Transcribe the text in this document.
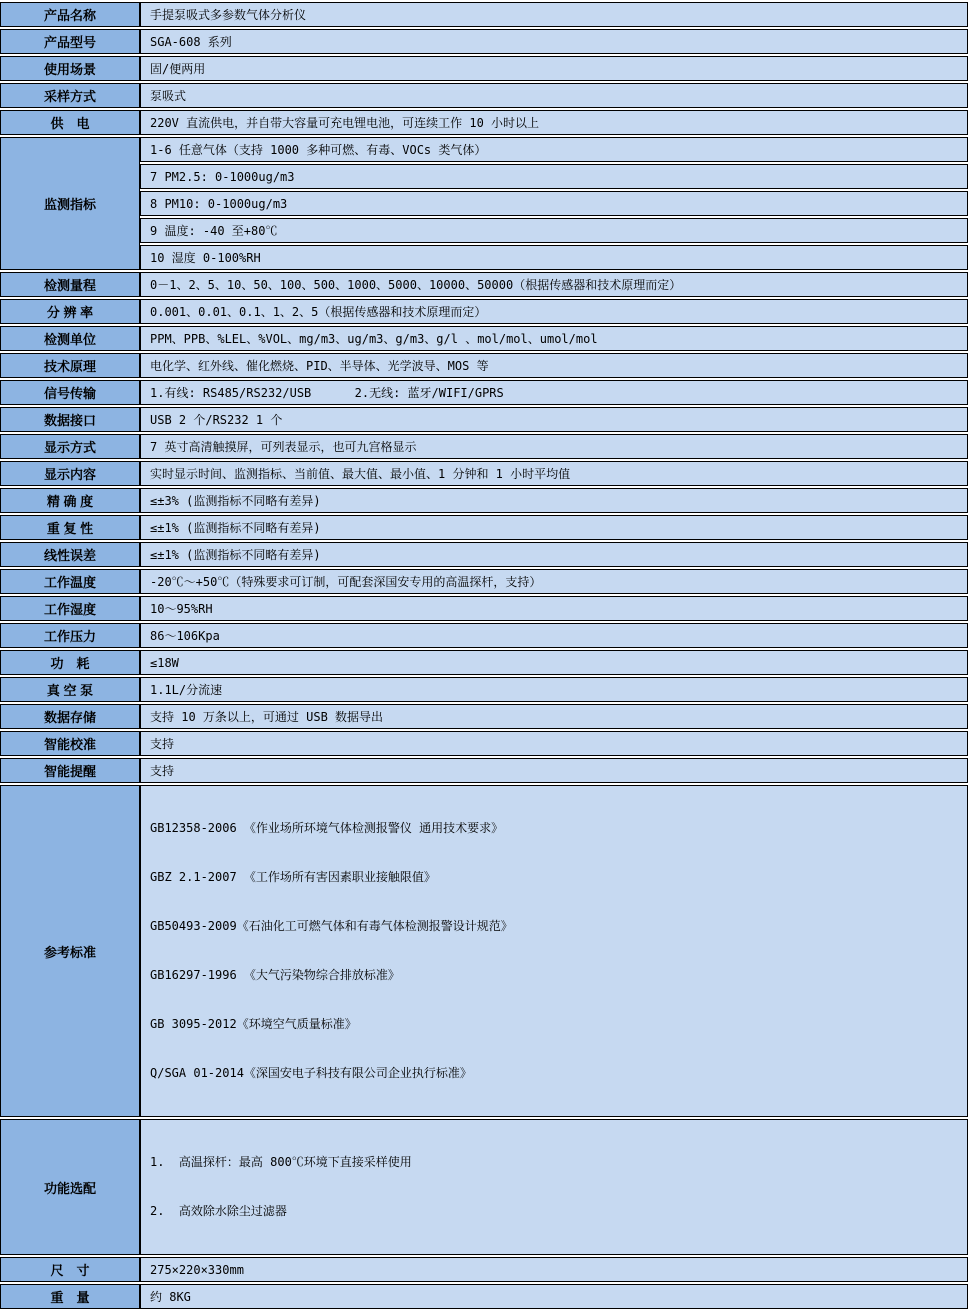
产品名称	手提泵吸式多参数气体分析仪
产品型号	SGA-608 系列
使用场景	固/便两用
采样方式	泵吸式
供　电	220V 直流供电，并自带大容量可充电锂电池，可连续工作 10 小时以上
监测指标	1-6 任意气体（支持 1000 多种可燃、有毒、VOCs 类气体）
	7 PM2.5: 0-1000ug/m3
	8 PM10: 0-1000ug/m3
	9 温度: -40 至+80℃
	10 湿度 0-100%RH
检测量程	0－1、2、5、10、50、100、500、1000、5000、10000、50000（根据传感器和技术原理而定）
分 辨 率	0.001、0.01、0.1、1、2、5（根据传感器和技术原理而定）
检测单位	PPM、PPB、%LEL、%VOL、mg/m3、ug/m3、g/m3、g/l 、mol/mol、umol/mol
技术原理	电化学、红外线、催化燃烧、PID、半导体、光学波导、MOS 等
信号传输	1.有线: RS485/RS232/USB      2.无线: 蓝牙/WIFI/GPRS
数据接口	USB 2 个/RS232 1 个
显示方式	7 英寸高清触摸屏，可列表显示，也可九宫格显示
显示内容	实时显示时间、监测指标、当前值、最大值、最小值、1 分钟和 1 小时平均值
精 确 度	≤±3% (监测指标不同略有差异)
重 复 性	≤±1% (监测指标不同略有差异)
线性误差	≤±1% (监测指标不同略有差异)
工作温度	-20℃～+50℃（特殊要求可订制，可配套深国安专用的高温探杆，支持）
工作湿度	10～95%RH
工作压力	86～106Kpa
功　耗	≤18W
真 空 泵	1.1L/分流速
数据存储	支持 10 万条以上，可通过 USB 数据导出
智能校准	支持
智能提醒	支持
参考标准	

GB12358-2006 《作业场所环境气体检测报警仪 通用技术要求》

GBZ 2.1-2007 《工作场所有害因素职业接触限值》

GB50493-2009《石油化工可燃气体和有毒气体检测报警设计规范》

GB16297-1996 《大气污染物综合排放标准》

GB 3095-2012《环境空气质量标准》

Q/SGA 01-2014《深国安电子科技有限公司企业执行标准》

功能选配	1.  高温探杆：最高 800℃环境下直接采样使用

2.  高效除水除尘过滤器

尺　寸	275×220×330mm
重　量	约 8KG
